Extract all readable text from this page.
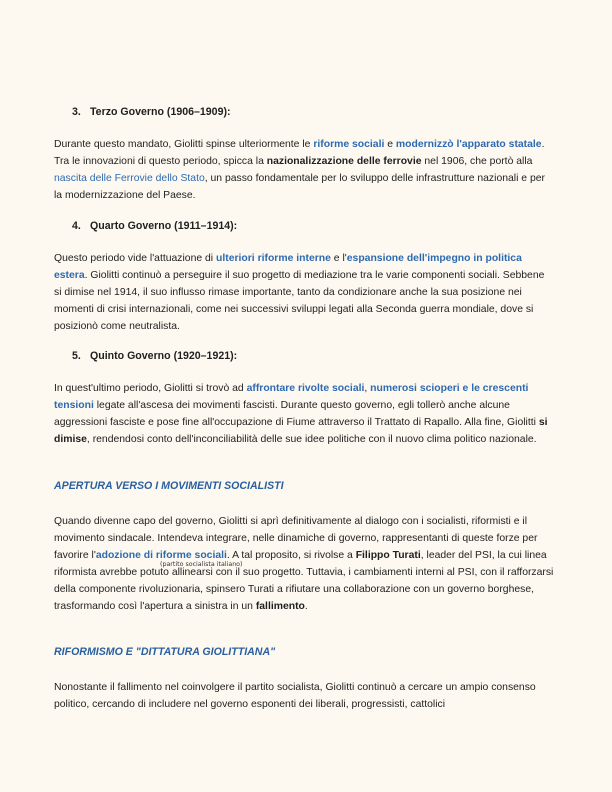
3. Terzo Governo (1906–1909):

Durante questo mandato, Giolitti spinse ulteriormente le riforme sociali e modernizzò l'apparato statale. Tra le innovazioni di questo periodo, spicca la nazionalizzazione delle ferrovie nel 1906, che portò alla nascita delle Ferrovie dello Stato, un passo fondamentale per lo sviluppo delle infrastrutture nazionali e per la modernizzazione del Paese.

4. Quarto Governo (1911–1914):

Questo periodo vide l'attuazione di ulteriori riforme interne e l'espansione dell'impegno in politica estera. Giolitti continuò a perseguire il suo progetto di mediazione tra le varie componenti sociali. Sebbene si dimise nel 1914, il suo influsso rimase importante, tanto da condizionare anche la sua posizione nei momenti di crisi internazionali, come nei successivi sviluppi legati alla Seconda guerra mondiale, dove si posizionò come neutralista.

5. Quinto Governo (1920–1921):

In quest'ultimo periodo, Giolitti si trovò ad affrontare rivolte sociali, numerosi scioperi e le crescenti tensioni legate all'ascesa dei movimenti fascisti. Durante questo governo, egli tollerò anche alcune aggressioni fasciste e pose fine all'occupazione di Fiume attraverso il Trattato di Rapallo. Alla fine, Giolitti si dimise, rendendosi conto dell'inconciliabilità delle sue idee politiche con il nuovo clima politico nazionale.

APERTURA VERSO I MOVIMENTI SOCIALISTI

Quando divenne capo del governo, Giolitti si aprì definitivamente al dialogo con i socialisti, riformisti e il movimento sindacale. Intendeva integrare, nelle dinamiche di governo, rappresentanti di queste forze per favorire l'adozione di riforme sociali. A tal proposito, si rivolse a Filippo Turati, leader del PSI, la cui linea riformista avrebbe potuto allinearsi con il suo progetto. Tuttavia, i cambiamenti interni al PSI, con il rafforzarsi della componente rivoluzionaria, spinsero Turati a rifiutare una collaborazione con un governo borghese, trasformando così l'apertura a sinistra in un fallimento.

(partito socialista italiano)
RIFORMISMO E "DITTATURA GIOLITTIANA"

Nonostante il fallimento nel coinvolgere il partito socialista, Giolitti continuò a cercare un ampio consenso politico, cercando di includere nel governo esponenti dei liberali, progressisti, cattolici
